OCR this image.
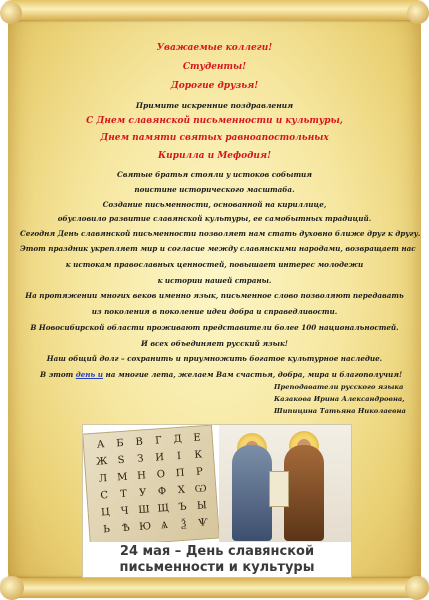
Уважаемые коллеги!
Студенты!
Дорогие друзья!
Примите искренние поздравления
С Днем славянской письменности и культуры,
Днем памяти святых равноапостольных
Кирилла и Мефодия!
Святые братья стояли у истоков события
поистине исторического масштаба.
Создание письменности, основанной на кириллице,
обусловило развитие славянской культуры, ее самобытных традиций.
Сегодня День славянской письменности позволяет нам стать духовно ближе друг к другу.
Этот праздник укрепляет мир и согласие между славянскими народами, возвращает нас
к истокам православных ценностей, повышает интерес молодежи
к истории нашей страны.
На протяжении многих веков именно язык, письменное слово позволяют передавать
из поколения в поколение идеи добра и справедливости.
В Новосибирской области проживают представители более 100 национальностей.
И всех объединяет русский язык!
Наш общий долг – сохранить и приумножить богатое культурное наследие.
В этот день и на многие лета, желаем Вам счастья, добра, мира и благополучия!
Преподаватели русского языка
Казакова Ирина Александровна,
Шипицина Татьяна Николаевна
А	Б	В	Г	Д	Е
Ж Ѕ	З	И	І	К
Л М Н	О	П	Р
С	Т	У	Ф	Х Ѡ
Ц	Ч Ш Щ Ъ Ы
Ь	Ѣ Ю Ѧ	Ѯ	Ѱ
24 мая – День славянской
письменности и культуры
